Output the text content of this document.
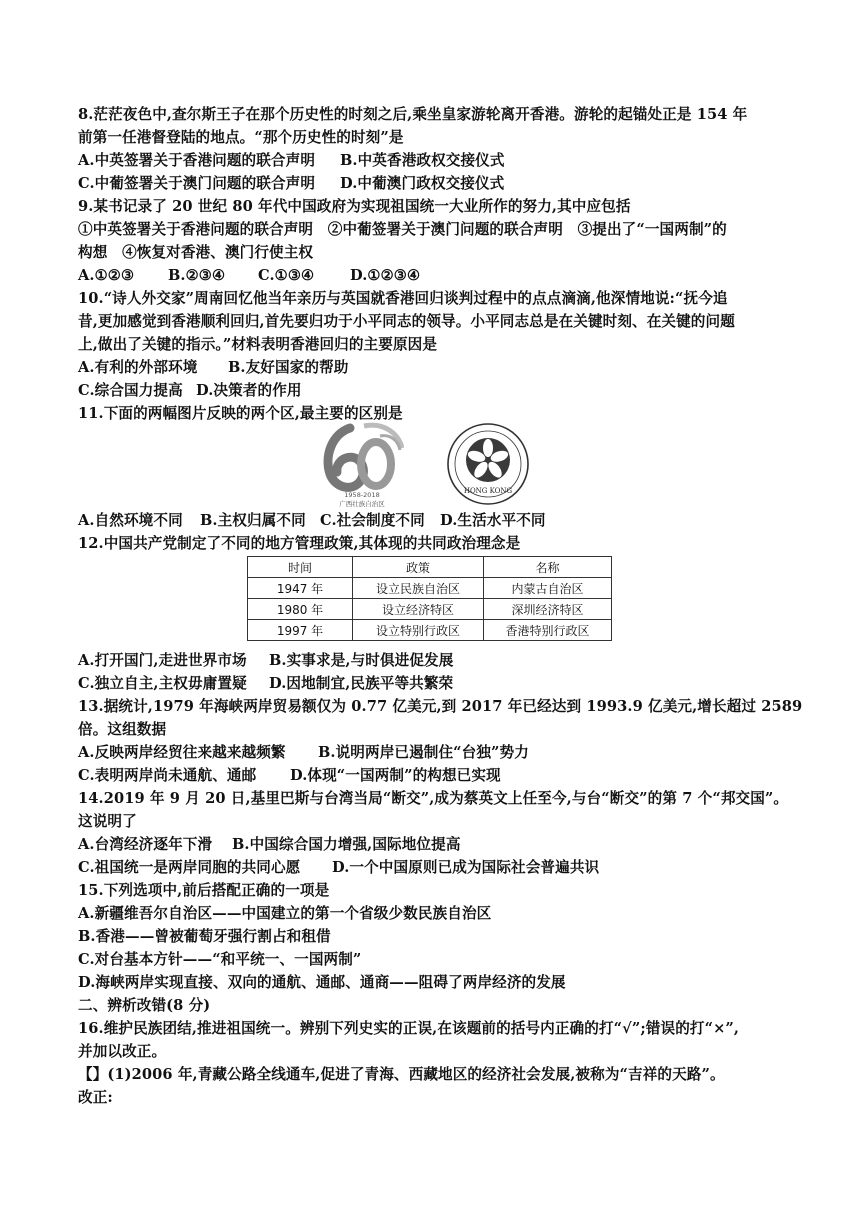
8.茫茫夜色中,查尔斯王子在那个历史性的时刻之后,乘坐皇家游轮离开香港。游轮的起锚处正是 154 年
前第一任港督登陆的地点。“那个历史性的时刻”是
A.中英签署关于香港问题的联合声明 B.中英香港政权交接仪式
C.中葡签署关于澳门问题的联合声明 D.中葡澳门政权交接仪式
9.某书记录了 20 世纪 80 年代中国政府为实现祖国统一大业所作的努力,其中应包括
①中英签署关于香港问题的联合声明　②中葡签署关于澳门问题的联合声明　③提出了“一国两制”的
构想　④恢复对香港、澳门行使主权
A.①②③ B.②③④ C.①③④ D.①②③④
10.“诗人外交家”周南回忆他当年亲历与英国就香港回归谈判过程中的点点滴滴,他深情地说:“抚今追
昔,更加感觉到香港顺利回归,首先要归功于小平同志的领导。小平同志总是在关键时刻、在关键的问题
上,做出了关键的指示。”材料表明香港回归的主要原因是
A.有利的外部环境 B.友好国家的帮助
C.综合国力提高 D.决策者的作用
11.下面的两幅图片反映的两个区,最主要的区别是
1958-2018
广西壮族自治区
HONG KONG
A.自然环境不同 B.主权归属不同 C.社会制度不同 D.生活水平不同
12.中国共产党制定了不同的地方管理政策,其体现的共同政治理念是
时间	政策	名称
1947 年	设立民族自治区	内蒙古自治区
1980 年	设立经济特区	深圳经济特区
1997 年	设立特别行政区	香港特别行政区
A.打开国门,走进世界市场 B.实事求是,与时俱进促发展
C.独立自主,主权毋庸置疑 D.因地制宜,民族平等共繁荣
13.据统计,1979 年海峡两岸贸易额仅为 0.77 亿美元,到 2017 年已经达到 1993.9 亿美元,增长超过 2589
倍。这组数据
A.反映两岸经贸往来越来越频繁 B.说明两岸已遏制住“台独”势力
C.表明两岸尚未通航、通邮 D.体现“一国两制”的构想已实现
14.2019 年 9 月 20 日,基里巴斯与台湾当局“断交”,成为蔡英文上任至今,与台“断交”的第 7 个“邦交国”。
这说明了
A.台湾经济逐年下滑 B.中国综合国力增强,国际地位提高
C.祖国统一是两岸同胞的共同心愿 D.一个中国原则已成为国际社会普遍共识
15.下列选项中,前后搭配正确的一项是
A.新疆维吾尔自治区——中国建立的第一个省级少数民族自治区
B.香港——曾被葡萄牙强行割占和租借
C.对台基本方针——“和平统一、一国两制”
D.海峡两岸实现直接、双向的通航、通邮、通商——阻碍了两岸经济的发展
二、辨析改错(8 分)
16.维护民族团结,推进祖国统一。辨别下列史实的正误,在该题前的括号内正确的打“√”;错误的打“×”,
并加以改正。
【】(1)2006 年,青藏公路全线通车,促进了青海、西藏地区的经济社会发展,被称为“吉祥的天路”。
改正:
